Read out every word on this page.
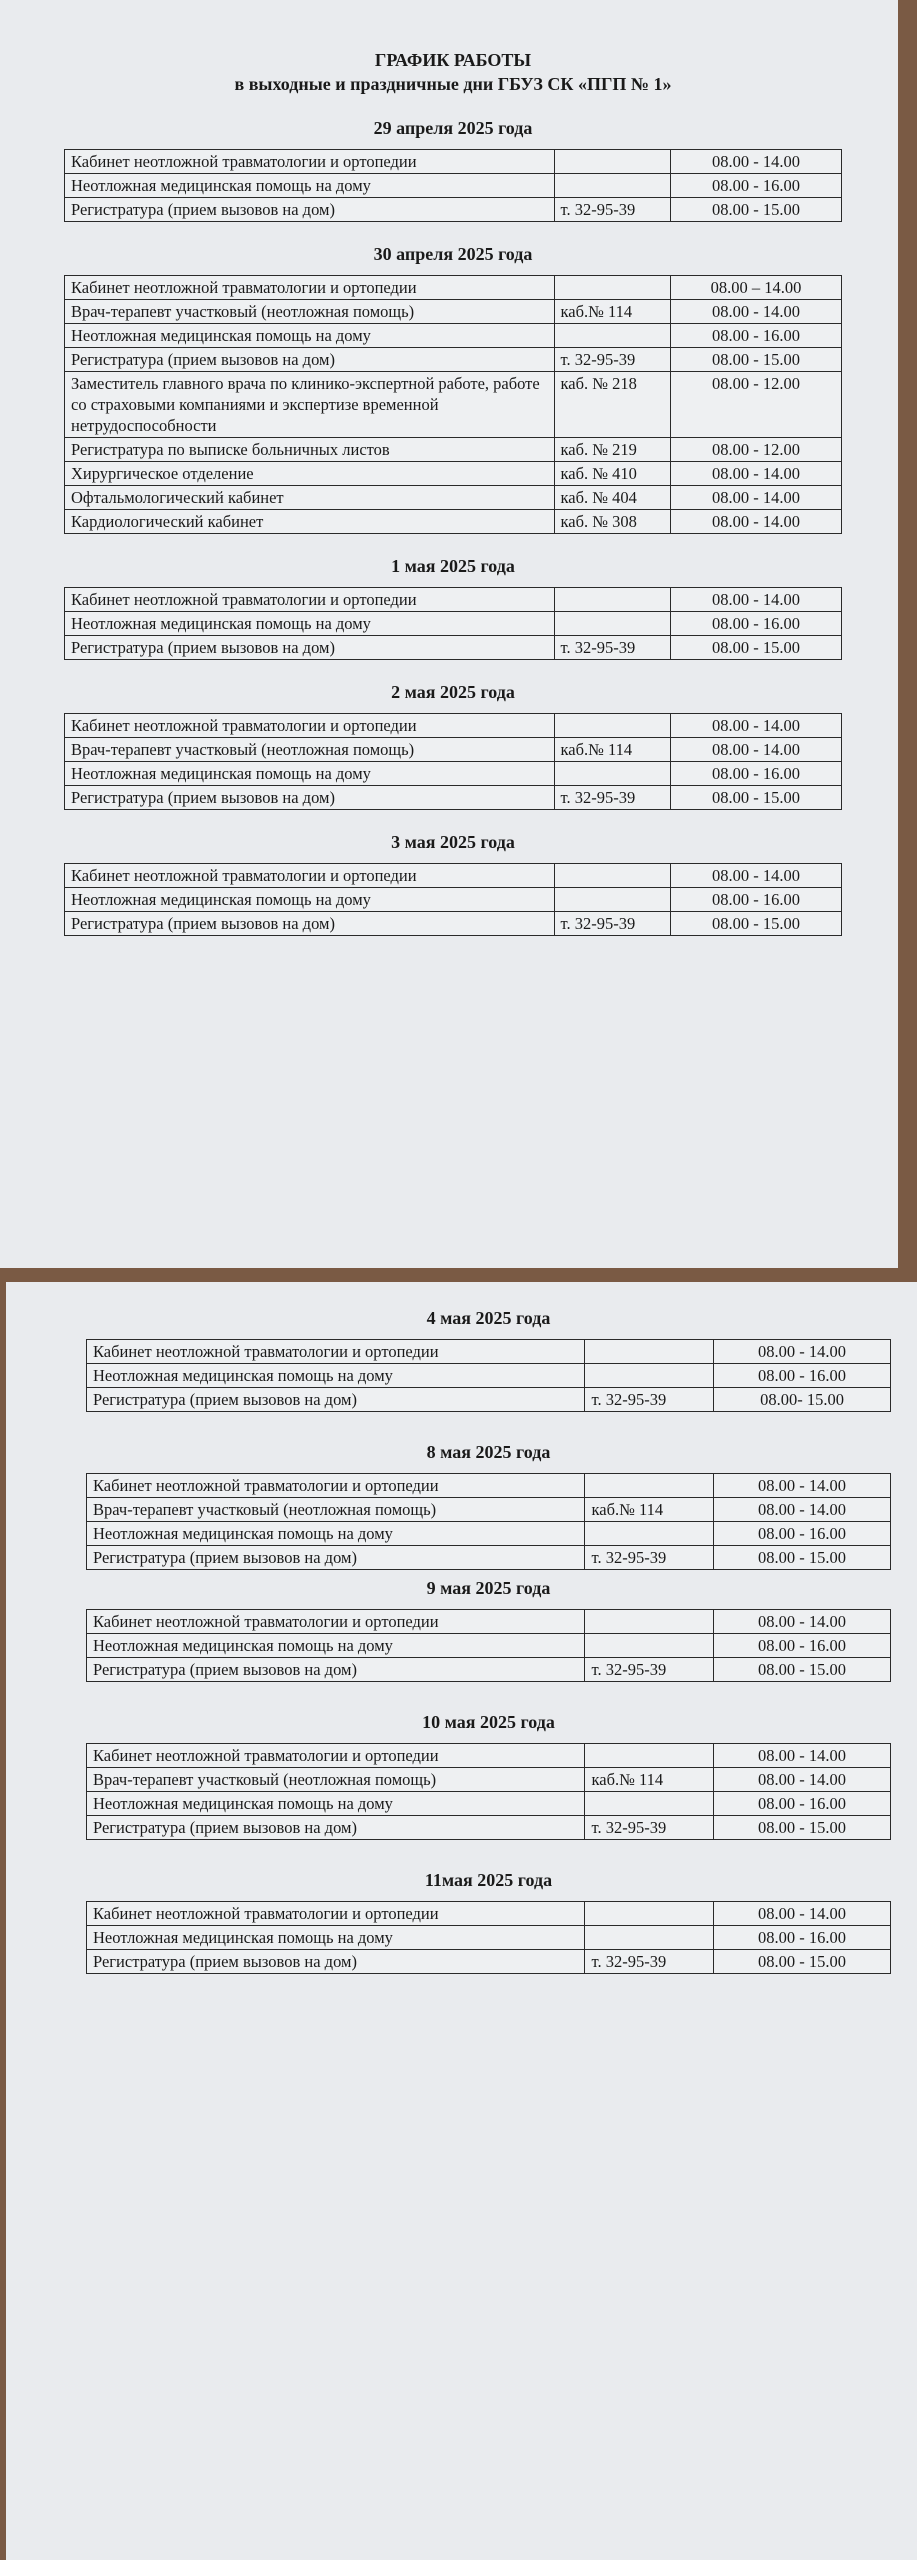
ГРАФИК РАБОТЫ
в выходные и праздничные дни ГБУЗ СК «ПГП № 1»
29 апреля 2025 года
Кабинет неотложной травматологии и ортопедии		08.00 - 14.00
Неотложная медицинская помощь на дому		08.00 - 16.00
Регистратура (прием вызовов на дом)	т. 32-95-39	08.00 - 15.00
30 апреля 2025 года
Кабинет неотложной травматологии и ортопедии		08.00 – 14.00
Врач-терапевт участковый (неотложная помощь)	каб.№ 114	08.00 - 14.00
Неотложная медицинская помощь на дому		08.00 - 16.00
Регистратура (прием вызовов на дом)	т. 32-95-39	08.00 - 15.00
Заместитель главного врача по клинико-экспертной работе, работе со страховыми компаниями и экспертизе временной нетрудоспособности	каб. № 218	08.00 - 12.00
Регистратура по выписке больничных листов	каб. № 219	08.00 - 12.00
Хирургическое отделение	каб. № 410	08.00 - 14.00
Офтальмологический кабинет	каб. № 404	08.00 - 14.00
Кардиологический кабинет	каб. № 308	08.00 - 14.00
1 мая 2025 года
Кабинет неотложной травматологии и ортопедии		08.00 - 14.00
Неотложная медицинская помощь на дому		08.00 - 16.00
Регистратура (прием вызовов на дом)	т. 32-95-39	08.00 - 15.00
2 мая 2025 года
Кабинет неотложной травматологии и ортопедии		08.00 - 14.00
Врач-терапевт участковый (неотложная помощь)	каб.№ 114	08.00 - 14.00
Неотложная медицинская помощь на дому		08.00 - 16.00
Регистратура (прием вызовов на дом)	т. 32-95-39	08.00 - 15.00
3 мая 2025 года
Кабинет неотложной травматологии и ортопедии		08.00 - 14.00
Неотложная медицинская помощь на дому		08.00 - 16.00
Регистратура (прием вызовов на дом)	т. 32-95-39	08.00 - 15.00
4 мая 2025 года
Кабинет неотложной травматологии и ортопедии		08.00 - 14.00
Неотложная медицинская помощь на дому		08.00 - 16.00
Регистратура (прием вызовов на дом)	т. 32-95-39	08.00- 15.00
8 мая 2025 года
Кабинет неотложной травматологии и ортопедии		08.00 - 14.00
Врач-терапевт участковый (неотложная помощь)	каб.№ 114	08.00 - 14.00
Неотложная медицинская помощь на дому		08.00 - 16.00
Регистратура (прием вызовов на дом)	т. 32-95-39	08.00 - 15.00
9 мая 2025 года
Кабинет неотложной травматологии и ортопедии		08.00 - 14.00
Неотложная медицинская помощь на дому		08.00 - 16.00
Регистратура (прием вызовов на дом)	т. 32-95-39	08.00 - 15.00
10 мая 2025 года
Кабинет неотложной травматологии и ортопедии		08.00 - 14.00
Врач-терапевт участковый (неотложная помощь)	каб.№ 114	08.00 - 14.00
Неотложная медицинская помощь на дому		08.00 - 16.00
Регистратура (прием вызовов на дом)	т. 32-95-39	08.00 - 15.00
11мая 2025 года
Кабинет неотложной травматологии и ортопедии		08.00 - 14.00
Неотложная медицинская помощь на дому		08.00 - 16.00
Регистратура (прием вызовов на дом)	т. 32-95-39	08.00 - 15.00
